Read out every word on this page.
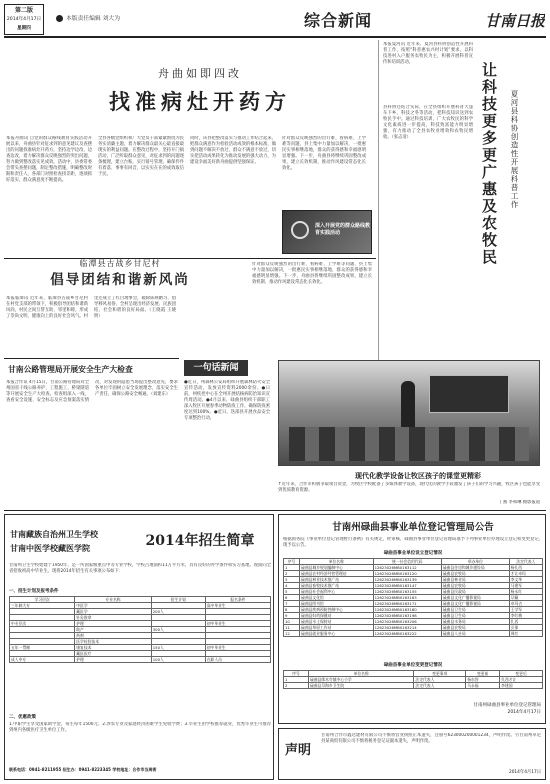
第二版
2014年4月17日
星期四
本版责任编辑 刘大为	综合新闻	甘南日报
舟曲如即四改
找准病灶开药方
本报舟曲讯 自党的群众路线教育实践活动开展以来，舟曲县针对征求到的意见建议及查摆出的问题找准病灶开药方，坚持边学边改、边查边改，着力解决群众反映强烈的突出问题，努力做到整改落实见成效。活动中，县委常委会带头查摆问题，制定整改措施，明确整改时限和责任人，各部门对照检查找差距，逐项抓好落实，群众满意度不断提高。
全县各级党组织和广大党员干部紧紧围绕为民务实清廉主题，着力解决群众最关心最直接最现实的利益问题。在整改过程中，坚持开门搞活动，广泛听取群众意见，对征求到的问题逐条梳理，建立台账，实行销号管理，确保件件有着落、事事有回音，以实实在在的成效取信于民。
同时，该县把整改落实与推动工作结合起来，把群众满意作为检验活动成效的根本标准，做到问题不解决不放过、群众不满意不放过，切实把活动成果转化为推动发展的强大动力，为建设幸福美好新舟曲提供坚强保证。
针对群众反映强烈的出行难、看病难、上学难等问题，县上集中力量加以解决，一批惠民实事相继落地，群众的获得感和幸福感明显增强。下一步，舟曲县将继续巩固整改成果，建立长效机制，推动作风建设常态化长效化。
深入开展党的群众路线教育实践活动
本报夏河讯 近年来，夏河县科协创造性开展科普工作，按照“科普惠农兴村计划”要求，以科技进村入户服务农牧民为主，积极开展科普宣传和培训活动。	让科技更多更广惠及农牧民	夏河县科协创造性开展科普工作
县科协还结合实际，在全县组织开展科普大篷车下乡、科技之冬等活动，把科技知识送到农牧民手中。通过科技培训，广大农牧民的科学文化素质进一步提高，科技致富能力明显增强，有力推动了全县农牧业增效和农牧民增收。（张志清）
临潭县古战乡甘尼村
倡导团结和谐新风尚
本报临潭讯 近年来，临潭县古战乡甘尼村在村党支部的带领下，积极倡导团结和谐新风尚，村民之间互帮互助、邻里和睦，形成了崇尚文明、健康向上的良好社会风气。村里还成立了红白理事会，破除陈规陋习，倡导移风易俗，全村呈现出经济发展、民族团结、社会和谐的良好局面。（王晓霞 王晓明）
针对群众反映强烈的出行难、看病难、上学难等问题，县上集中力量加以解决，一批惠民实事相继落地，群众的获得感和幸福感明显增强。下一步，舟曲县将继续巩固整改成果，建立长效机制，推动作风建设常态化长效化。
甘南公路管理局开展安全生产大检查
本报合作讯 4月15日，甘南公路管理局对全州国省干线公路养护、工程施工、桥梁隧道等开展安全生产大检查。检查组深入一线，查看安全设施、安全标志及应急预案落实情况，对发现的隐患当场提出整改意见，要求各单位牢固树立安全发展理念，落实安全生产责任，确保公路安全畅通。（刘建东）
一句话新闻
●近日，州森林公安局组织开展森林防火安全宣传活动，发放宣传资料2000余份。●日前，州疾控中心在全州开展结核病防治知识宣传周活动。●4月以来，碌曲县组织干部职工深入牧区开展春季动物防疫工作，确保防疫密度达到100%。●近日，迭部县开展食品安全专项整治行动。
现代化教学设备让牧区孩子的课堂更精彩
↑近年来，合作市积极争取项目资金，为牧区学校配备了多媒体教学设备，现代化的教学手段激发了孩子们的学习兴趣，牧区孩子也能享受到优质教育资源。
丁燕 李和琳 摄影报道
甘南藏族自治州卫生学校
甘南中医学校藏医学院	2014年招生简章
甘南州卫生学校始建于1950年，是一所国家级重点中等专业学校，学校占地面积11万平方米，具有良好的办学条件和实习基地，现面向全省招收初高中毕业生。现将2014年招生有关事项公布如下：
一、招生计划及报考条件
学习层次	专业名称	招生计划	报名条件
三年制大专	中医学		高中毕业生
	藏医学	200人	
	针灸推拿		
中专层次	护理		初中毕业生
	助产	300人	
	药剂		
	医学检验技术		
五年一贯制	康复技术	150人	初中毕业生
	藏医医疗		
成人中专	护理	100人	在职人员
二、优惠政策
1.中职学生享受国家助学金，每生每年1500元；2.涉农专业及家庭经济困难学生免收学费；3.毕业生由学校推荐就业，优秀毕业生可推荐到州内各级医疗卫生单位工作。
联系电话：0941-8211955 招生办：0941-8223345 学校地址：合作市当周街
甘南州碌曲县事业单位登记管理局公告
根据国务院《事业单位登记管理暂行条例》有关规定，经审核，碌曲县事业单位登记管理局准予下列事业单位办理设立登记和变更登记，现予以公告。
碌曲县事业单位设立登记情况
序号	单位名称	统一社会信用代码	举办单位	法定代表人
1	碌曲县城乡规划编制中心	12623026MB0163112	碌曲县住房和城乡建设局	杨扎西
2	碌曲县农村经济经营管理站	12623026MB0163120	碌曲县农牧局	才让卓玛
3	碌曲县林业技术推广站	12623026MB0163139	碌曲县林业局	李文华
4	碌曲县畜牧技术推广站	12623026MB0163147	碌曲县农牧局	马建军
5	碌曲县社会福利中心	12623026MB0163155	碌曲县民政局	杨永红
6	碌曲县文化馆	12623026MB0163163	碌曲县文化广播影视局	尕藏
7	碌曲县图书馆	12623026MB0163171	碌曲县文化广播影视局	卓玛吉
8	碌曲县疾病预防控制中心	12623026MB0163180	碌曲县卫生局	王学军
9	碌曲县妇幼保健站	12623026MB0163198	碌曲县卫生局	李红梅
10	碌曲县水土保持站	12623026MB0163206	碌曲县水务局	扎西
11	碌曲县草原工作站	12623026MB0163214	碌曲县农牧局	贡保
12	碌曲县就业服务中心	12623026MB0163222	碌曲县人社局	周红
碌曲县事业单位变更登记情况
序号	单位名称	变更事项	变更前	变更后
1	碌曲县郎木寺镇中心小学	法定代表人	杨东智	扎西才让
2	碌曲县尕海乡卫生院	法定代表人	马永福	李建国
甘南州碌曲县事业单位登记管理局
2014年4月17日
声明
甘南州合作市鑫达建材有限公司不慎将营业执照正本遗失，注册号623000200001234，声明作废。另甘南州卓尼县某商贸有限公司不慎将税务登记证副本遗失，声明作废。
2014年4月17日
